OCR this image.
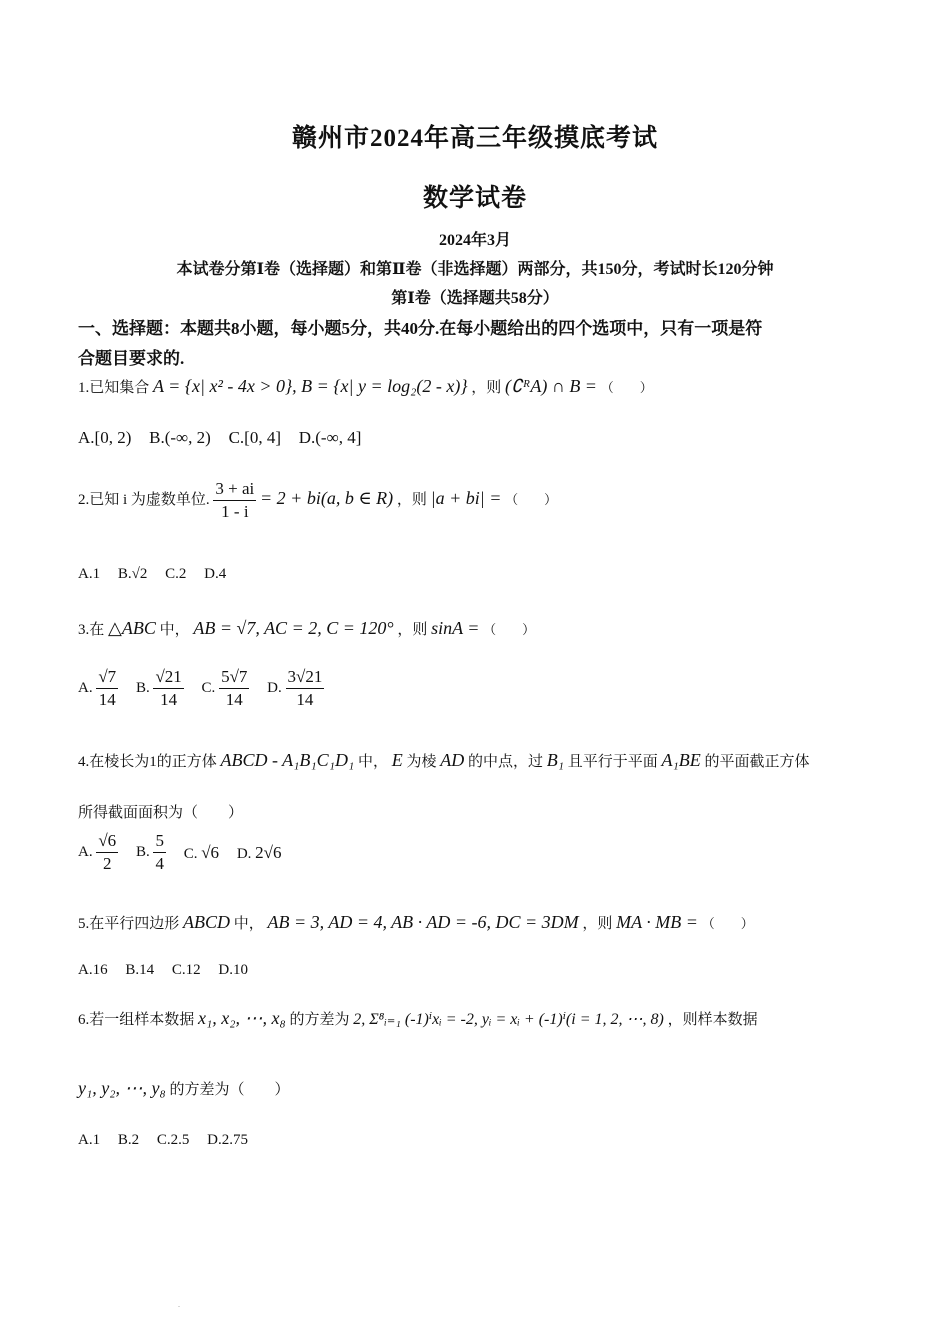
赣州市2024年高三年级摸底考试
数学试卷
2024年3月
本试卷分第Ⅰ卷（选择题）和第Ⅱ卷（非选择题）两部分，共150分，考试时长120分钟
第Ⅰ卷（选择题共58分）
一、选择题：本题共8小题，每小题5分，共40分.在每小题给出的四个选项中，只有一项是符
合题目要求的.
1.已知集合 A = {x| x² - 4x > 0}, B = {x| y = log₂(2 - x)} ，则 (∁ᴿA) ∩ B = （　　）
A.[0, 2) B.(-∞, 2) C.[0, 4] D.(-∞, 4]
2.已知 i 为虚数单位. $\frac{3 + ai}{1 - i} = 2 + bi(a$, b ∈ R) ，则 |a + bi| = （　　）
A.1 B.√2 C.2 D.4
3.在 △ABC 中， AB = √7, AC = 2, C = 120° ，则 sinA = （　　）
A. $\frac{√7}{14} B$. $\frac{√21}{14} C$. $\frac{5√7}{14} D$. $\frac{3√21}{14}$
4.在棱长为1的正方体 ABCD - A₁B₁C₁D₁ 中， E 为棱 AD 的中点，过 B₁ 且平行于平面 A₁BE 的平面截正方体
所得截面面积为（　　）
A. $\frac{√6}{2} B$. $\frac{5}{4} C$. √6 D. 2√6
5.在平行四边形 ABCD 中， AB = 3, AD = 4, AB · AD = -6, DC = 3DM ，则 MA · MB = （　　）
A.16 B.14 C.12 D.10
6.若一组样本数据 x₁, x₂, ⋯, x₈ 的方差为 2, Σ⁸ᵢ₌₁ (-1)ⁱxᵢ = -2, yᵢ = xᵢ + (-1)ⁱ(i = 1, 2, ⋯, 8) ，则样本数据
y₁, y₂, ⋯, y₈ 的方差为（　　）
A.1 B.2 C.2.5 D.2.75
.
